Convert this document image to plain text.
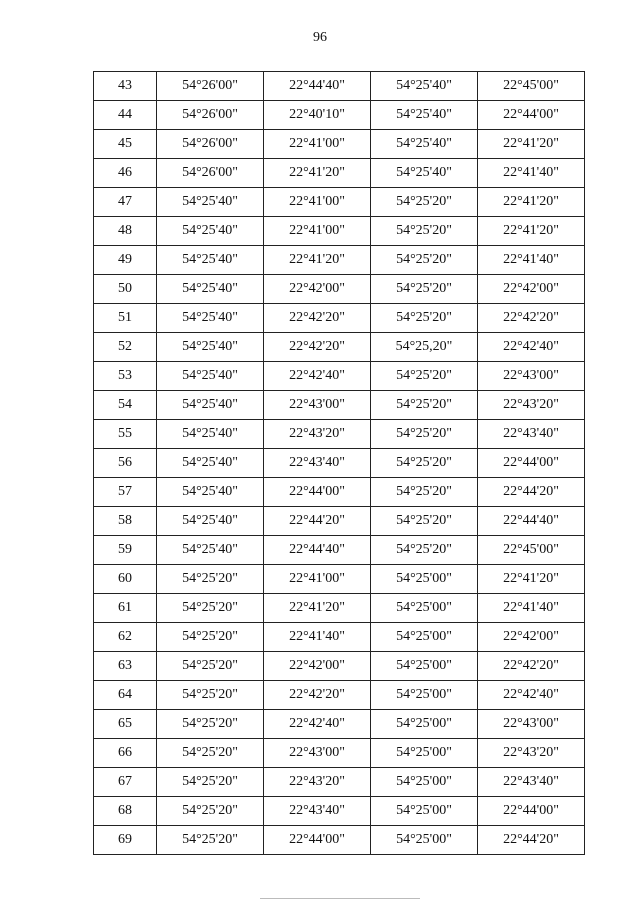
96
43	54°26'00"	22°44'40"	54°25'40"	22°45'00"
44	54°26'00"	22°40'10"	54°25'40"	22°44'00"
45	54°26'00"	22°41'00"	54°25'40"	22°41'20"
46	54°26'00"	22°41'20"	54°25'40"	22°41'40"
47	54°25'40"	22°41'00"	54°25'20"	22°41'20"
48	54°25'40"	22°41'00"	54°25'20"	22°41'20"
49	54°25'40"	22°41'20"	54°25'20"	22°41'40"
50	54°25'40"	22°42'00"	54°25'20"	22°42'00"
51	54°25'40"	22°42'20"	54°25'20"	22°42'20"
52	54°25'40"	22°42'20"	54°25,20"	22°42'40"
53	54°25'40"	22°42'40"	54°25'20"	22°43'00"
54	54°25'40"	22°43'00"	54°25'20"	22°43'20"
55	54°25'40"	22°43'20"	54°25'20"	22°43'40"
56	54°25'40"	22°43'40"	54°25'20"	22°44'00"
57	54°25'40"	22°44'00"	54°25'20"	22°44'20"
58	54°25'40"	22°44'20"	54°25'20"	22°44'40"
59	54°25'40"	22°44'40"	54°25'20"	22°45'00"
60	54°25'20"	22°41'00"	54°25'00"	22°41'20"
61	54°25'20"	22°41'20"	54°25'00"	22°41'40"
62	54°25'20"	22°41'40"	54°25'00"	22°42'00"
63	54°25'20"	22°42'00"	54°25'00"	22°42'20"
64	54°25'20"	22°42'20"	54°25'00"	22°42'40"
65	54°25'20"	22°42'40"	54°25'00"	22°43'00"
66	54°25'20"	22°43'00"	54°25'00"	22°43'20"
67	54°25'20"	22°43'20"	54°25'00"	22°43'40"
68	54°25'20"	22°43'40"	54°25'00"	22°44'00"
69	54°25'20"	22°44'00"	54°25'00"	22°44'20"
